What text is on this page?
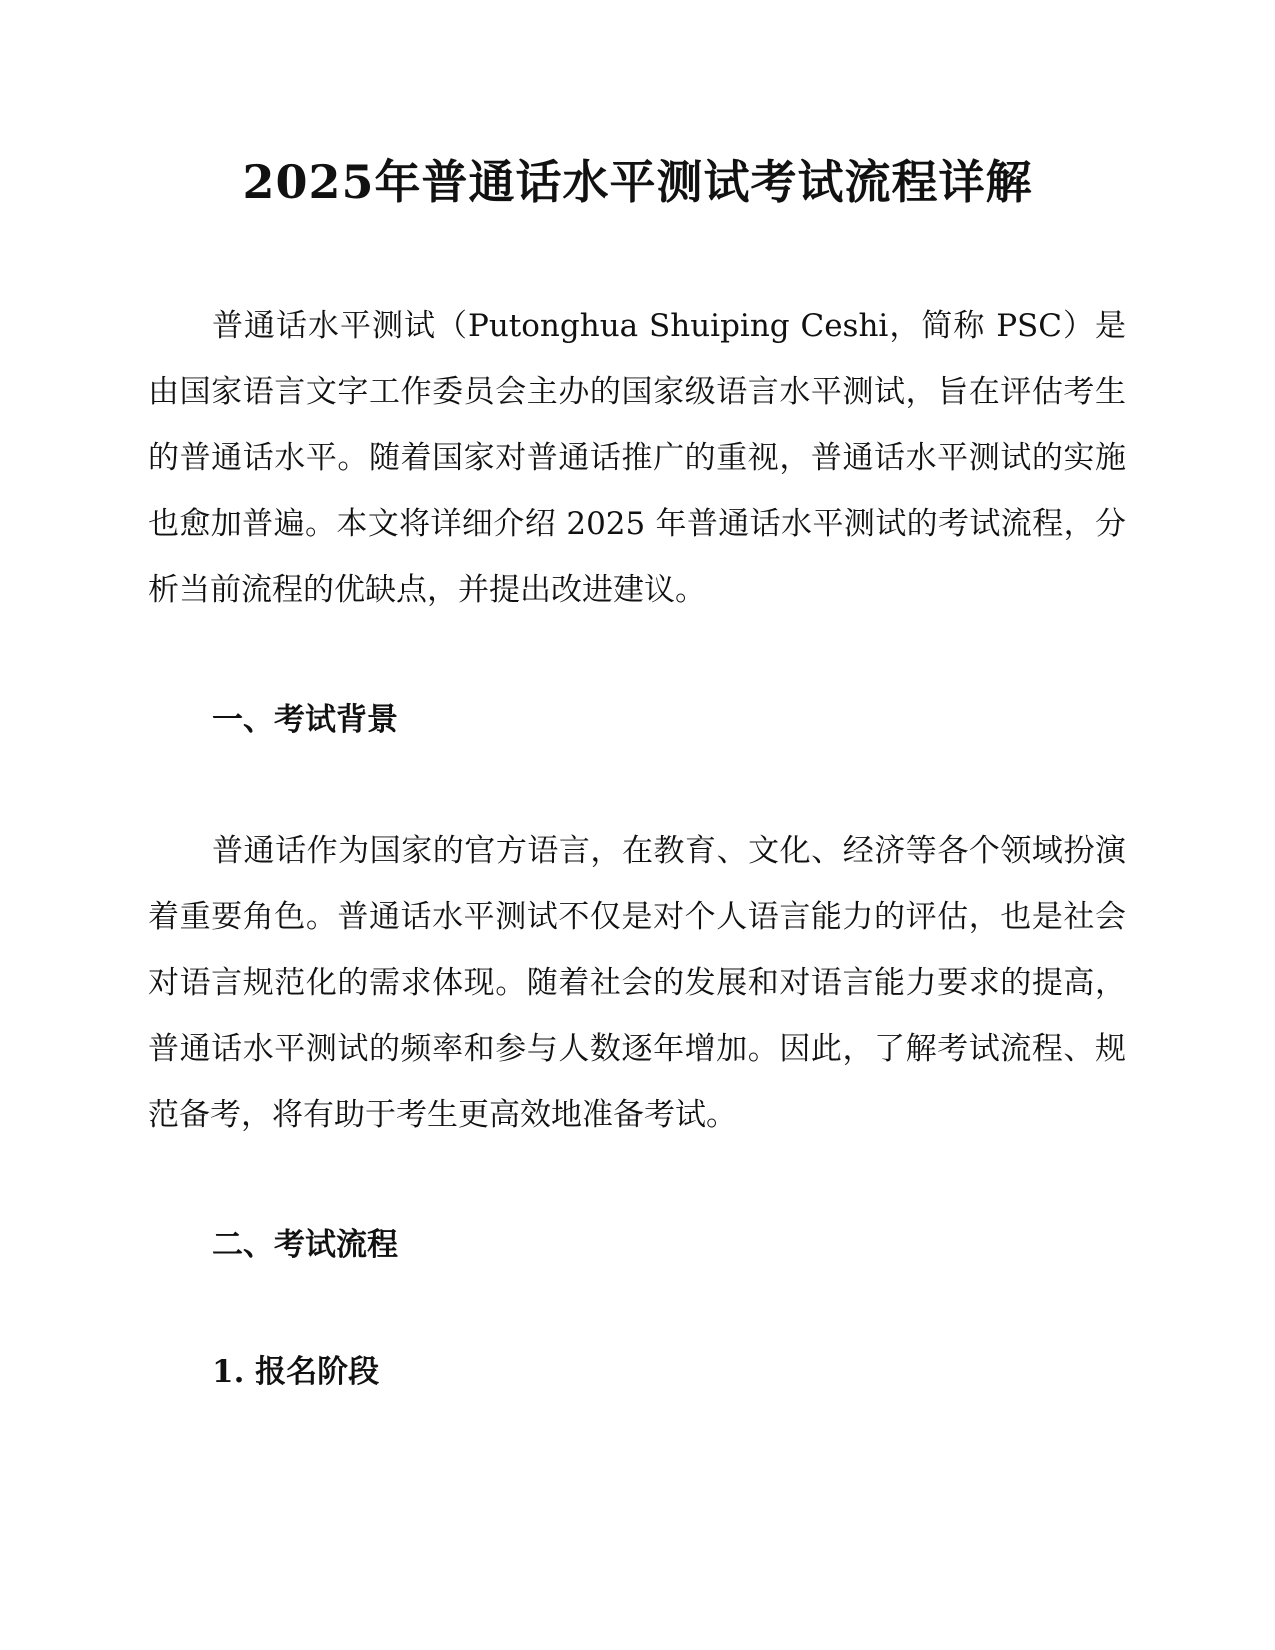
2025年普通话水平测试考试流程详解

普通话水平测试（Putonghua Shuiping Ceshi，简称 PSC）是由国家语言文字工作委员会主办的国家级语言水平测试，旨在评估考生的普通话水平。随着国家对普通话推广的重视，普通话水平测试的实施也愈加普遍。本文将详细介绍 2025 年普通话水平测试的考试流程，分析当前流程的优缺点，并提出改进建议。

一、考试背景

普通话作为国家的官方语言，在教育、文化、经济等各个领域扮演着重要角色。普通话水平测试不仅是对个人语言能力的评估，也是社会对语言规范化的需求体现。随着社会的发展和对语言能力要求的提高，普通话水平测试的频率和参与人数逐年增加。因此，了解考试流程、规范备考，将有助于考生更高效地准备考试。

二、考试流程
1. 报名阶段
